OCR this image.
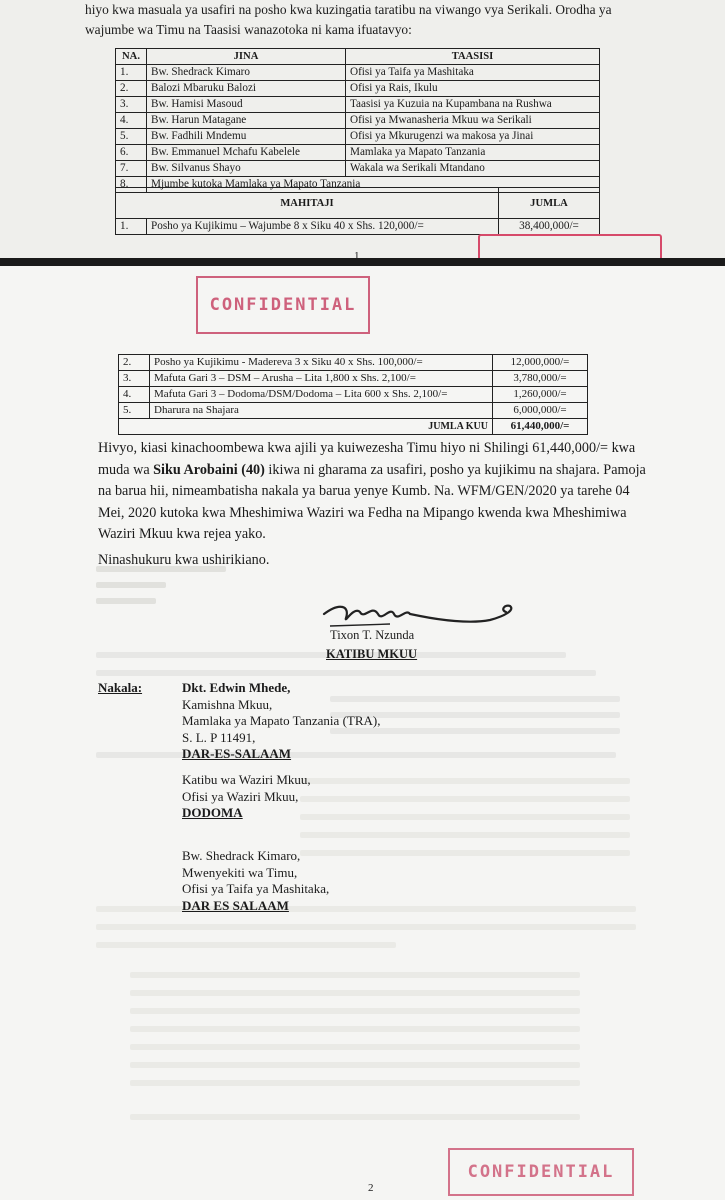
hiyo kwa masuala ya usafiri na posho kwa kuzingatia taratibu na viwango vya Serikali. Orodha ya
wajumbe wa Timu na Taasisi wanazotoka ni kama ifuatavyo:
NA.	JINA	TAASISI
1.	Bw. Shedrack Kimaro	Ofisi ya Taifa ya Mashitaka
2.	Balozi Mbaruku Balozi	Ofisi ya Rais, Ikulu
3.	Bw. Hamisi Masoud	Taasisi ya Kuzuia na Kupambana na Rushwa
4.	Bw. Harun Matagane	Ofisi ya Mwanasheria Mkuu wa Serikali
5.	Bw. Fadhili Mndemu	Ofisi ya Mkurugenzi wa makosa ya Jinai
6.	Bw. Emmanuel Mchafu Kabelele	Mamlaka ya Mapato Tanzania
7.	Bw. Silvanus Shayo	Wakala wa Serikali Mtandano
8.	Mjumbe kutoka Mamlaka ya Mapato Tanzania	
MAHITAJI		JUMLA
1.	Posho ya Kujikimu – Wajumbe 8 x Siku 40 x Shs. 120,000/=	38,400,000/=
1
CONFIDENTIAL
2.	Posho ya Kujikimu - Madereva 3 x Siku 40 x Shs. 100,000/=	12,000,000/=
3.	Mafuta Gari 3 – DSM – Arusha – Lita 1,800 x Shs. 2,100/=	3,780,000/=
4.	Mafuta Gari 3 – Dodoma/DSM/Dodoma – Lita 600 x Shs. 2,100/=	1,260,000/=
5.	Dharura na Shajara	6,000,000/=
JUMLA KUU		61,440,000/=
Hivyo, kiasi kinachoombewa kwa ajili ya kuiwezesha Timu hiyo ni Shilingi 61,440,000/= kwa
muda wa Siku Arobaini (40) ikiwa ni gharama za usafiri, posho ya kujikimu na shajara. Pamoja
na barua hii, nimeambatisha nakala ya barua yenye Kumb. Na. WFM/GEN/2020 ya tarehe 04
Mei, 2020 kutoka kwa Mheshimiwa Waziri wa Fedha na Mipango kwenda kwa Mheshimiwa
Waziri Mkuu kwa rejea yako.
Ninashukuru kwa ushirikiano.
Tixon T. Nzunda
KATIBU MKUU
Nakala:	Dkt. Edwin Mhede,
Kamishna Mkuu,
Mamlaka ya Mapato Tanzania (TRA),
S. L. P 11491,
DAR-ES-SALAAM
Katibu wa Waziri Mkuu,
Ofisi ya Waziri Mkuu,
DODOMA
Bw. Shedrack Kimaro,
Mwenyekiti wa Timu,
Ofisi ya Taifa ya Mashitaka,
DAR ES SALAAM
CONFIDENTIAL
2
